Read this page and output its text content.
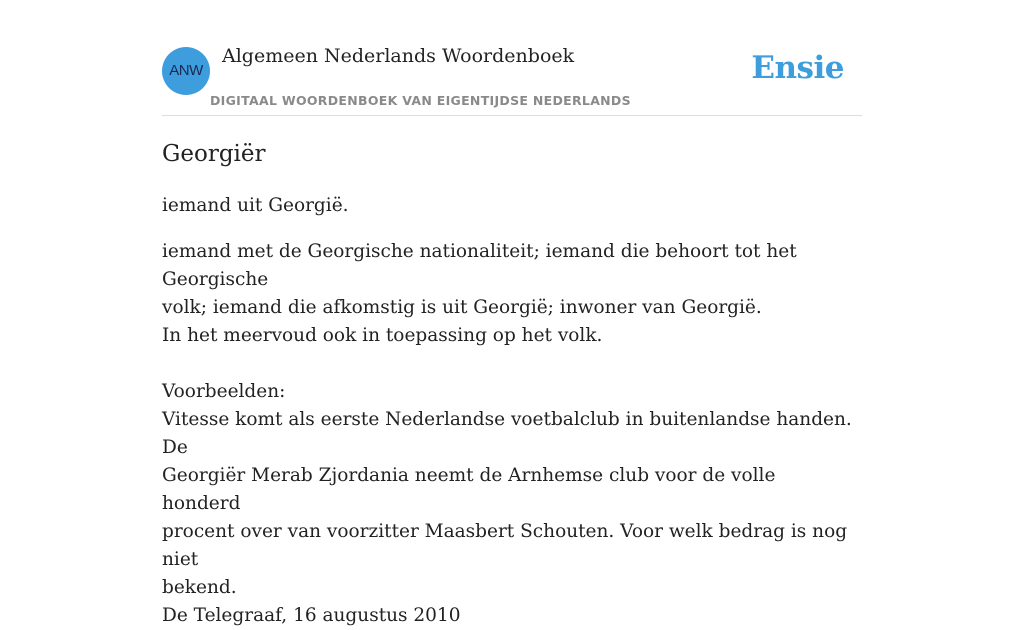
ANW
Algemeen Nederlands Woordenboek
DIGITAAL WOORDENBOEK VAN EIGENTIJDSE NEDERLANDS
Ensie
Georgiër

iemand uit Georgië.

iemand met de Georgische nationaliteit; iemand die behoort tot het Georgische
volk; iemand die afkomstig is uit Georgië; inwoner van Georgië.
In het meervoud ook in toepassing op het volk.
Voorbeelden:
Vitesse komt als eerste Nederlandse voetbalclub in buitenlandse handen. De
Georgiër Merab Zjordania neemt de Arnhemse club voor de volle honderd
procent over van voorzitter Maasbert Schouten. Voor welk bedrag is nog niet
bekend.
De Telegraaf, 16 augustus 2010
